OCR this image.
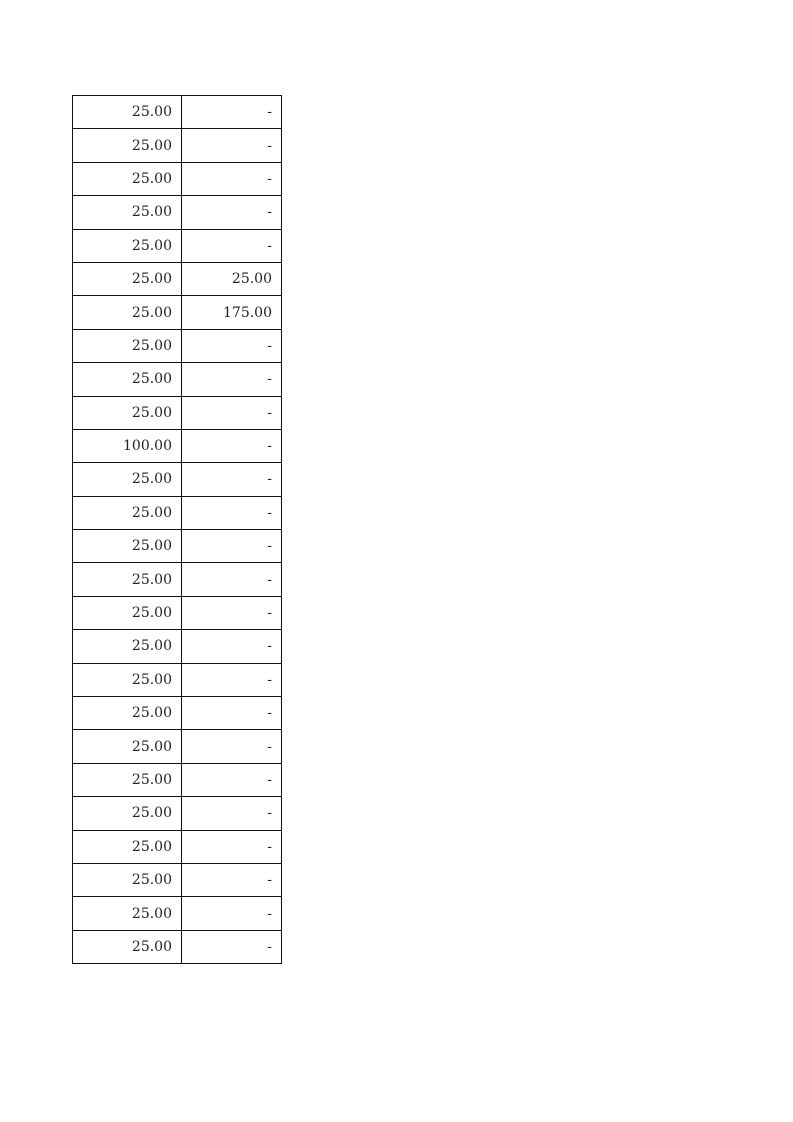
25.00	-
25.00	-
25.00	-
25.00	-
25.00	-
25.00	25.00
25.00	175.00
25.00	-
25.00	-
25.00	-
100.00	-
25.00	-
25.00	-
25.00	-
25.00	-
25.00	-
25.00	-
25.00	-
25.00	-
25.00	-
25.00	-
25.00	-
25.00	-
25.00	-
25.00	-
25.00	-
